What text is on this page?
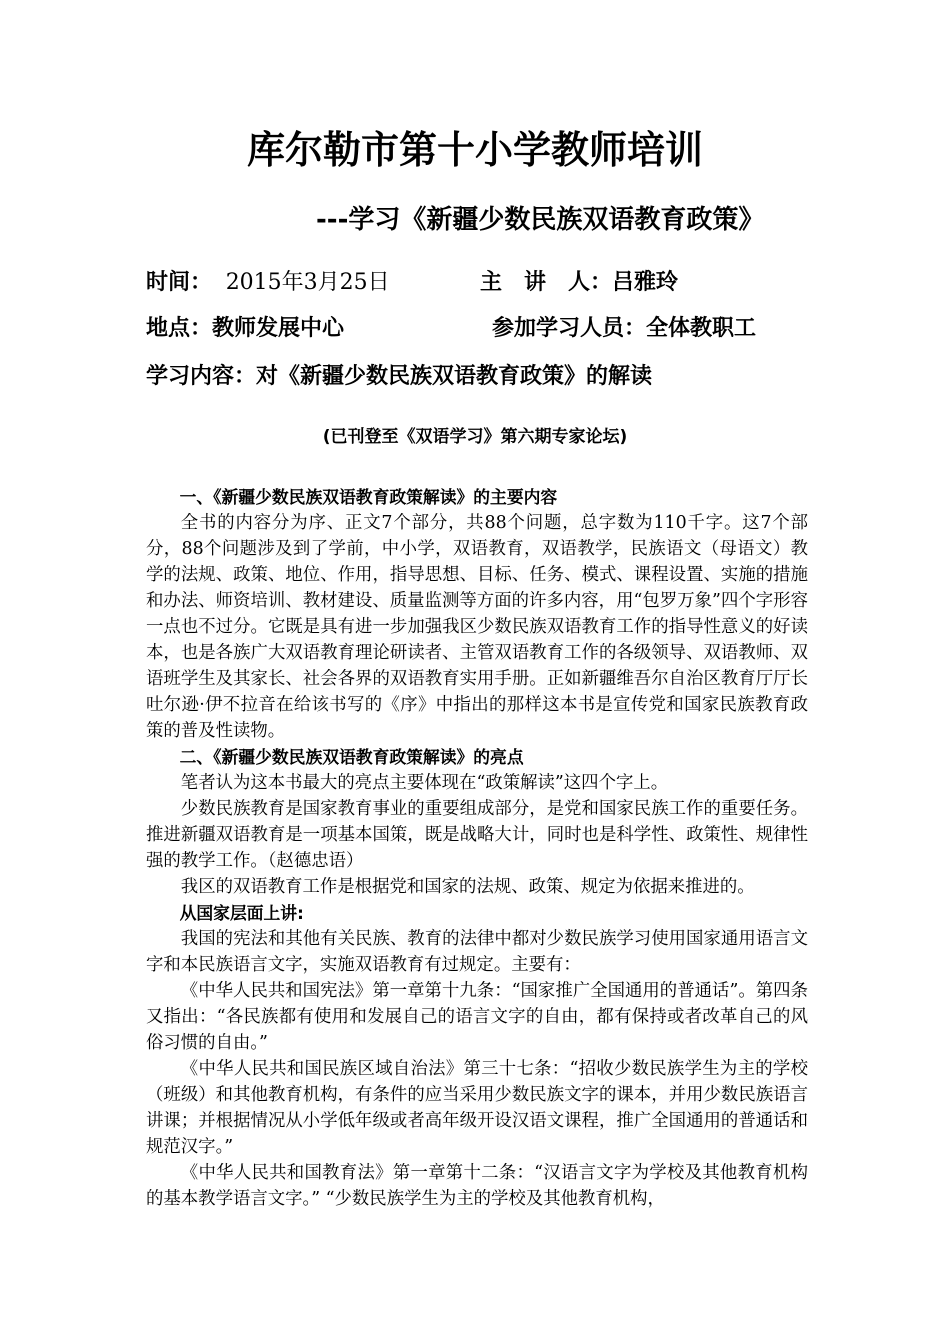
库尔勒市第十小学教师培训
---学习《新疆少数民族双语教育政策》
时间： 2015年3月25日	主　讲　人：吕雅玲
地点：教师发展中心	参加学习人员：全体教职工
学习内容：对《新疆少数民族双语教育政策》的解读
(已刊登至《双语学习》第六期专家论坛)

一、《新疆少数民族双语教育政策解读》的主要内容

全书的内容分为序、正文7个部分，共88个问题，总字数为110千字。这7个部分，88个问题涉及到了学前，中小学，双语教育，双语教学，民族语文（母语文）教学的法规、政策、地位、作用，指导思想、目标、任务、模式、课程设置、实施的措施和办法、师资培训、教材建设、质量监测等方面的许多内容，用“包罗万象”四个字形容一点也不过分。它既是具有进一步加强我区少数民族双语教育工作的指导性意义的好读本，也是各族广大双语教育理论研读者、主管双语教育工作的各级领导、双语教师、双语班学生及其家长、社会各界的双语教育实用手册。正如新疆维吾尔自治区教育厅厅长吐尔逊·伊不拉音在给该书写的《序》中指出的那样这本书是宣传党和国家民族教育政策的普及性读物。

二、《新疆少数民族双语教育政策解读》的亮点

笔者认为这本书最大的亮点主要体现在“政策解读”这四个字上。

少数民族教育是国家教育事业的重要组成部分，是党和国家民族工作的重要任务。推进新疆双语教育是一项基本国策，既是战略大计，同时也是科学性、政策性、规律性强的教学工作。（赵德忠语）

我区的双语教育工作是根据党和国家的法规、政策、规定为依据来推进的。

从国家层面上讲:

我国的宪法和其他有关民族、教育的法律中都对少数民族学习使用国家通用语言文字和本民族语言文字，实施双语教育有过规定。主要有：

《中华人民共和国宪法》第一章第十九条：“国家推广全国通用的普通话”。第四条又指出：“各民族都有使用和发展自己的语言文字的自由，都有保持或者改革自己的风俗习惯的自由。”

《中华人民共和国民族区域自治法》第三十七条：“招收少数民族学生为主的学校（班级）和其他教育机构，有条件的应当采用少数民族文字的课本，并用少数民族语言讲课；并根据情况从小学低年级或者高年级开设汉语文课程，推广全国通用的普通话和规范汉字。”

《中华人民共和国教育法》第一章第十二条：“汉语言文字为学校及其他教育机构的基本教学语言文字。” “少数民族学生为主的学校及其他教育机构，
